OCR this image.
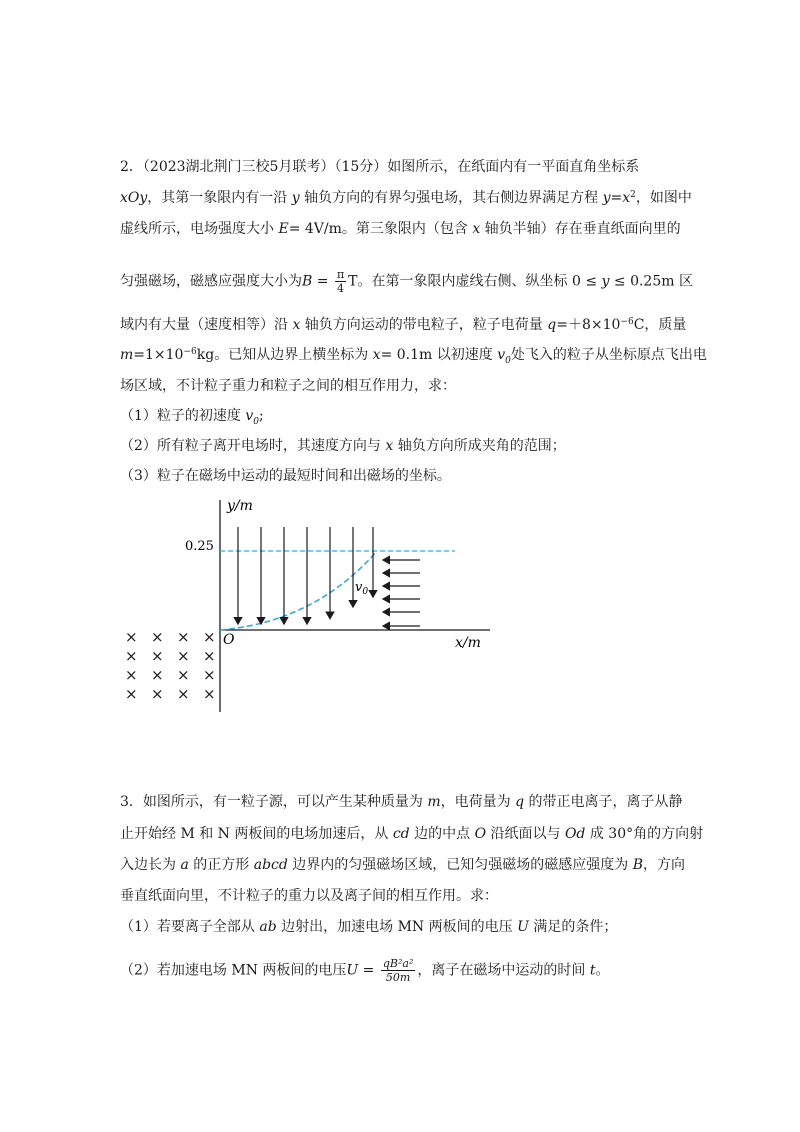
2．（2023湖北荆门三校5月联考）（15分）如图所示，在纸面内有一平面直角坐标系
xOy，其第一象限内有一沿 y 轴负方向的有界匀强电场，其右侧边界满足方程 $y=x^2$，如图中
虚线所示，电场强度大小 E= 4V/m。第三象限内（包含 x 轴负半轴）存在垂直纸面向里的
匀强磁场，磁感应强度大小为$B = \frac{\pi}{4}$ T。在第一象限内虚线右侧、纵坐标 0 ≤ y ≤ 0.25m 区
域内有大量（速度相等）沿 x 轴负方向运动的带电粒子，粒子电荷量 $q=+8\times 10^{-6}C$，质量
$m=1\times 10^{-6}kg$。已知从边界上横坐标为 x= 0.1m 以初速度 $v_0$处飞入的粒子从坐标原点飞出电
场区域，不计粒子重力和粒子之间的相互作用力，求：
（1）粒子的初速度 $v_0$;
（2）所有粒子离开电场时，其速度方向与 x 轴负方向所成夹角的范围；
（3）粒子在磁场中运动的最短时间和出磁场的坐标。
y/m
x/m
0.25
O
$v_0$
× × × ×
× × × ×
× × × ×
× × × ×
3．如图所示，有一粒子源，可以产生某种质量为 m，电荷量为 q 的带正电离子，离子从静
止开始经 M 和 N 两板间的电场加速后，从 cd 边的中点 O 沿纸面以与 Od 成 30°角的方向射
入边长为 a 的正方形 abcd 边界内的匀强磁场区域，已知匀强磁场的磁感应强度为 B，方向
垂直纸面向里，不计粒子的重力以及离子间的相互作用。求：
（1）若要离子全部从 ab 边射出，加速电场 MN 两板间的电压 U 满足的条件；
（2）若加速电场 MN 两板间的电压$U = \frac{\text{qB²a²}}{50m}$ ，离子在磁场中运动的时间 t。
